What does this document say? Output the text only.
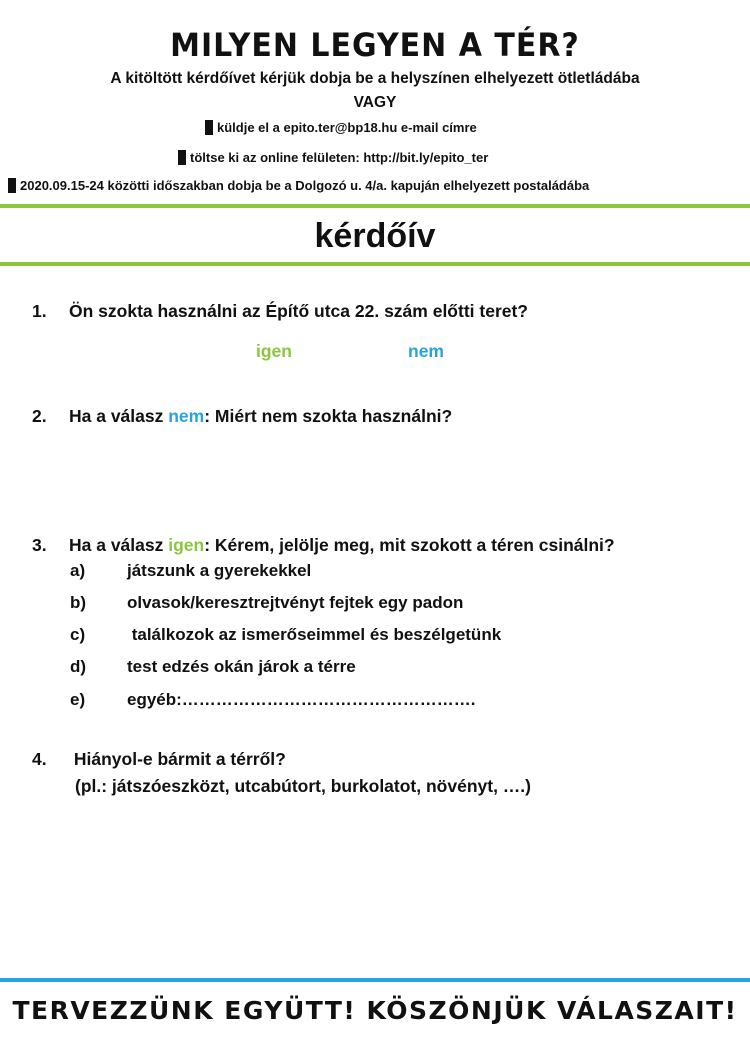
MILYEN LEGYEN A TÉR?
A kitöltött kérdőívet kérjük dobja be a helyszínen elhelyezett ötletládába
VAGY
küldje el a epito.ter@bp18.hu e-mail címre
töltse ki az online felületen: http://bit.ly/epito_ter
2020.09.15-24 közötti időszakban dobja be a Dolgozó u. 4/a. kapuján elhelyezett postaládába
kérdőív
1. Ön szokta használni az Építő utca 22. szám előtti teret?
igen	nem
2. Ha a válasz nem: Miért nem szokta használni?
3. Ha a válasz igen: Kérem, jelölje meg, mit szokott a téren csinálni?
a) játszunk a gyerekekkel
b) olvasok/keresztrejtvényt fejtek egy padon
c) találkozok az ismerőseimmel és beszélgetünk
d) test edzés okán járok a térre
e) egyéb:…………………………………………….
4. Hiányol-e bármit a térről?
(pl.: játszóeszközt, utcabútort, burkolatot, növényt, ….)
TERVEZZÜNK EGYÜTT! KÖSZÖNJÜK VÁLASZAIT!
